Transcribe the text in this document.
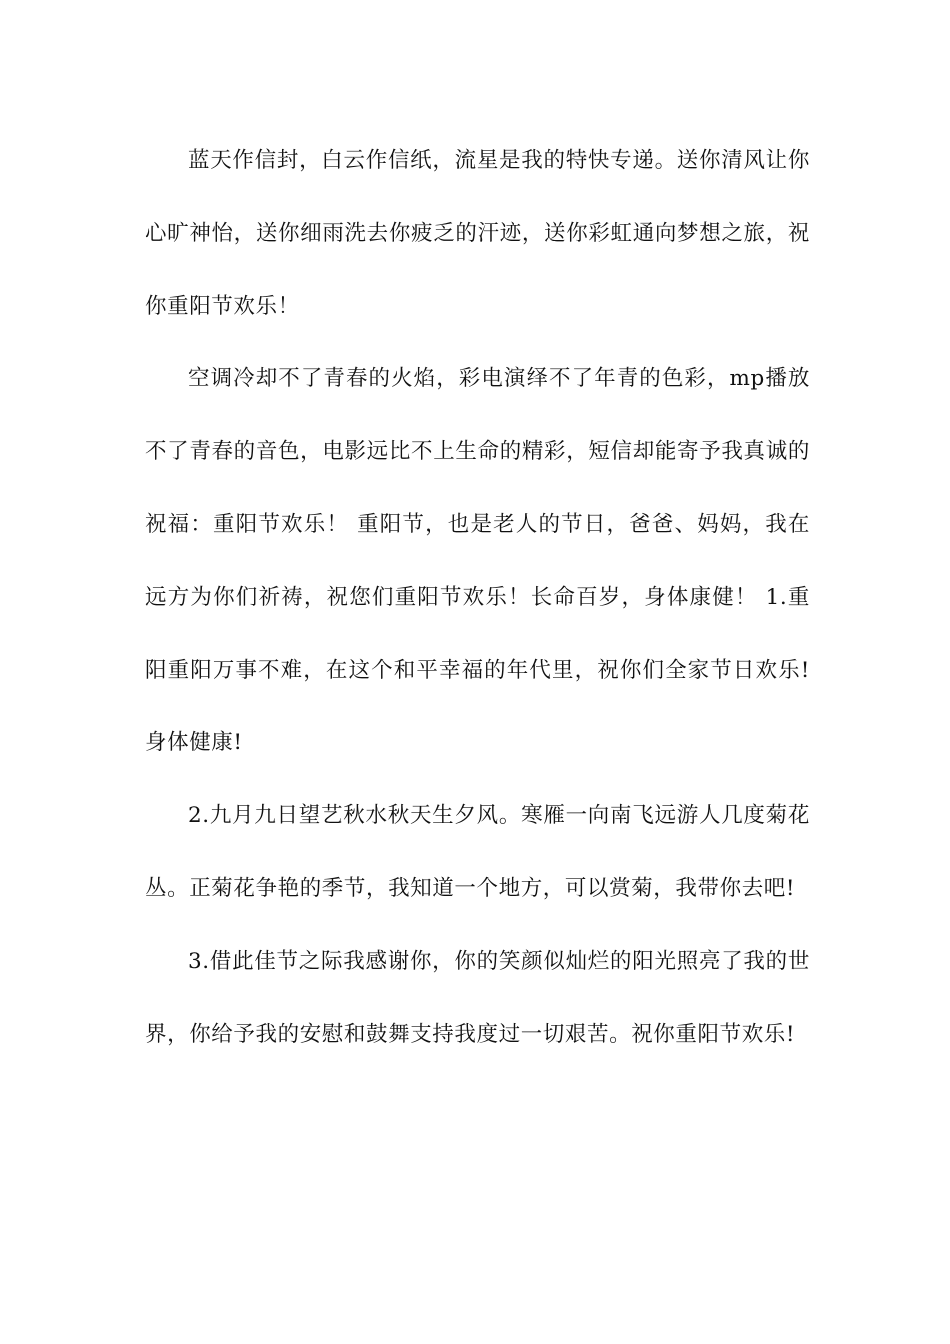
蓝天作信封，白云作信纸，流星是我的特快专递。送你清风让你心旷神怡，送你细雨洗去你疲乏的汗迹，送你彩虹通向梦想之旅，祝你重阳节欢乐！

空调冷却不了青春的火焰，彩电演绎不了年青的色彩，mp播放不了青春的音色，电影远比不上生命的精彩，短信却能寄予我真诚的祝福：重阳节欢乐！ 重阳节，也是老人的节日，爸爸、妈妈，我在远方为你们祈祷，祝您们重阳节欢乐！长命百岁，身体康健！ 1.重阳重阳万事不难，在这个和平幸福的年代里，祝你们全家节日欢乐!身体健康!

2.九月九日望艺秋水秋天生夕风。寒雁一向南飞远游人几度菊花丛。正菊花争艳的季节，我知道一个地方，可以赏菊，我带你去吧!

3.借此佳节之际我感谢你，你的笑颜似灿烂的阳光照亮了我的世界，你给予我的安慰和鼓舞支持我度过一切艰苦。祝你重阳节欢乐!
